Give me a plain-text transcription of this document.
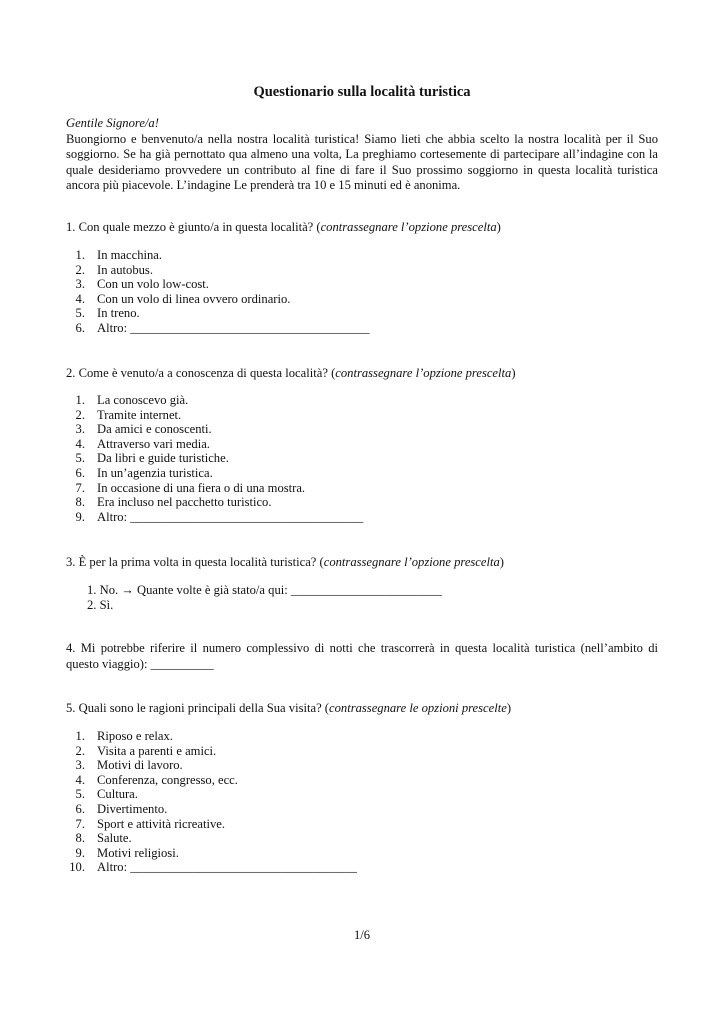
Questionario sulla località turistica
Gentile Signore/a!
Buongiorno e benvenuto/a nella nostra località turistica! Siamo lieti che abbia scelto la nostra località per il Suo soggiorno. Se ha già pernottato qua almeno una volta, La preghiamo cortesemente di partecipare all’indagine con la quale desideriamo provvedere un contributo al fine di fare il Suo prossimo soggiorno in questa località turistica ancora più piacevole. L’indagine Le prenderà tra 10 e 15 minuti ed è anonima.
1. Con quale mezzo è giunto/a in questa località? (contrassegnare l’opzione prescelta)
1. In macchina.
2. In autobus.
3. Con un volo low-cost.
4. Con un volo di linea ovvero ordinario.
5. In treno.
6. Altro: ______________________________________
2. Come è venuto/a a conoscenza di questa località? (contrassegnare l’opzione prescelta)
1. La conoscevo già.
2. Tramite internet.
3. Da amici e conoscenti.
4. Attraverso vari media.
5. Da libri e guide turistiche.
6. In un’agenzia turistica.
7. In occasione di una fiera o di una mostra.
8. Era incluso nel pacchetto turistico.
9. Altro: _____________________________________
3. È per la prima volta in questa località turistica? (contrassegnare l’opzione prescelta)
1. No. → Quante volte è già stato/a qui: ________________________
2. Sì.
4. Mi potrebbe riferire il numero complessivo di notti che trascorrerà in questa località turistica (nell’ambito di questo viaggio): __________
5. Quali sono le ragioni principali della Sua visita? (contrassegnare le opzioni prescelte)
1. Riposo e relax.
2. Visita a parenti e amici.
3. Motivi di lavoro.
4. Conferenza, congresso, ecc.
5. Cultura.
6. Divertimento.
7. Sport e attività ricreative.
8. Salute.
9. Motivi religiosi.
10. Altro: ____________________________________
1/6
